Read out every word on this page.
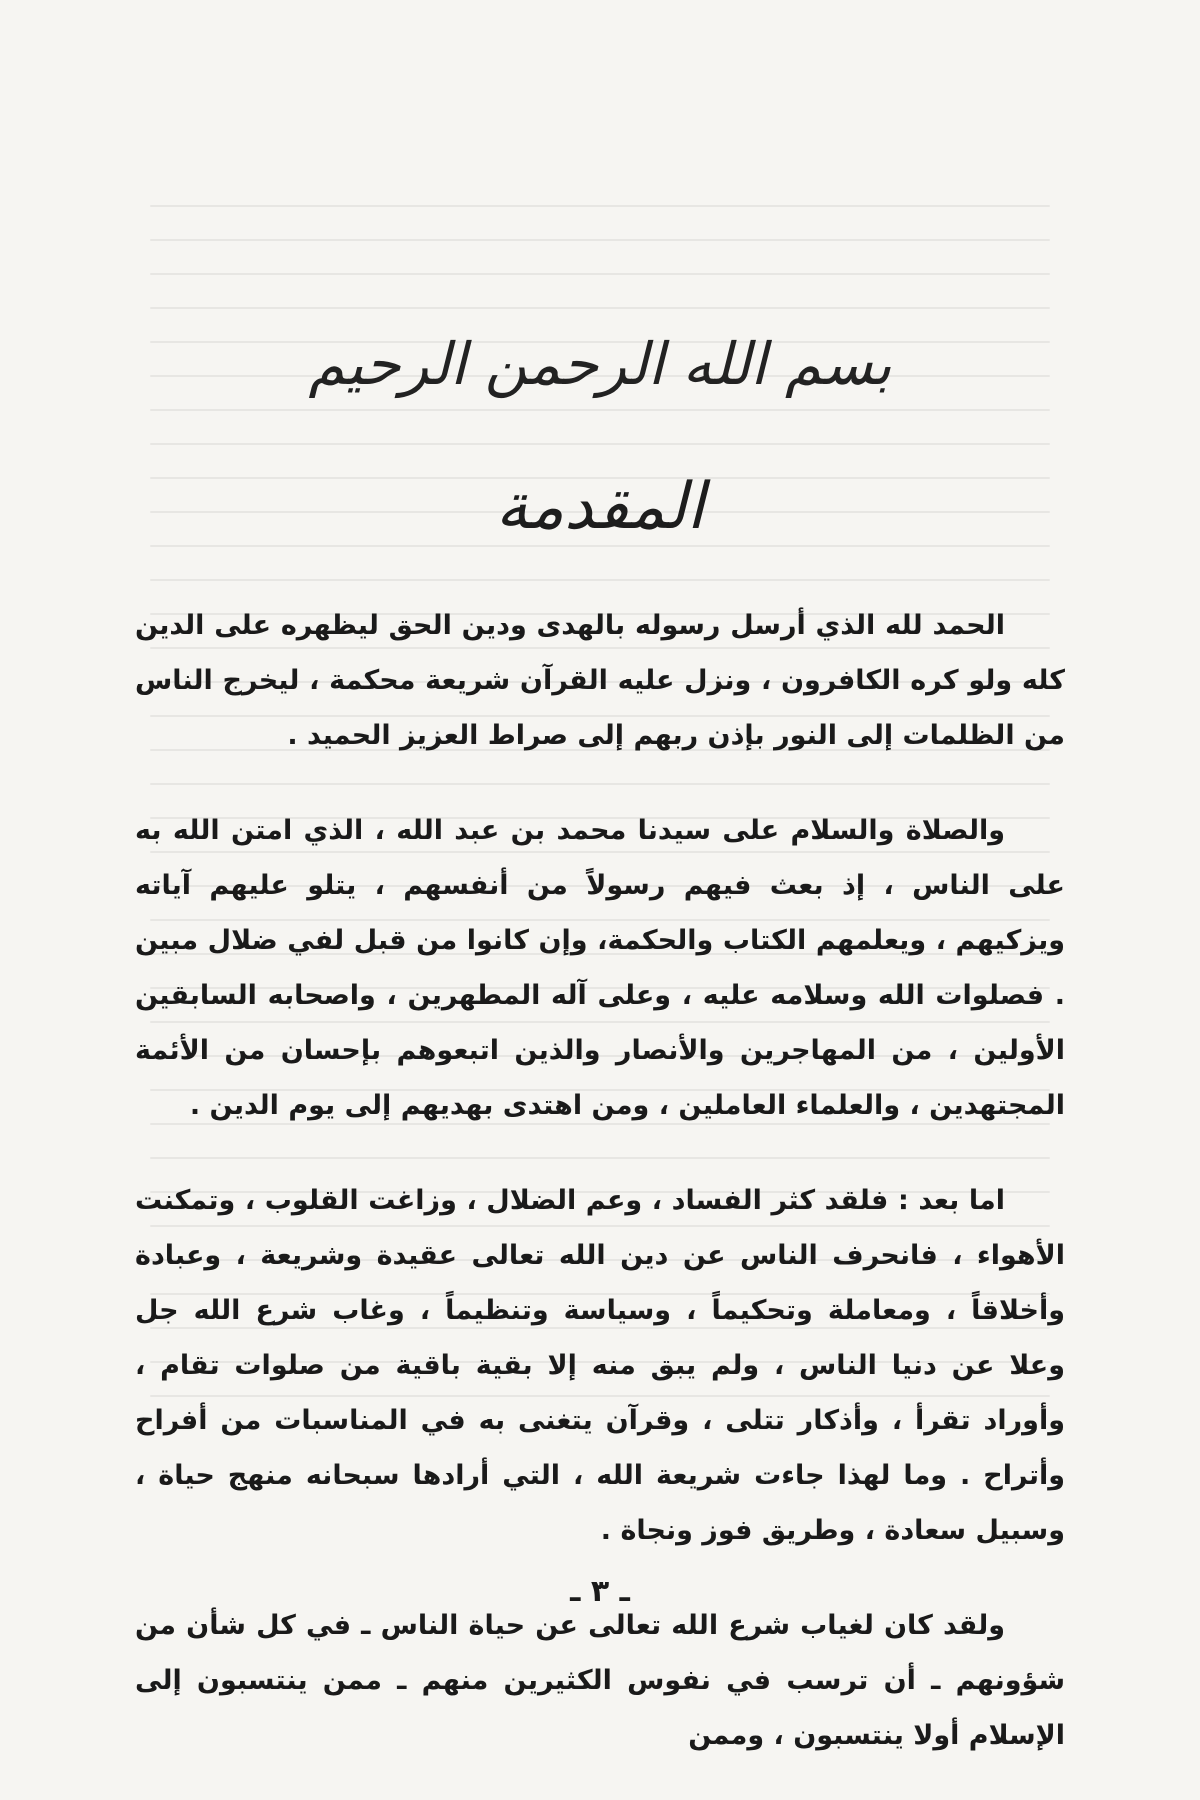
بسم الله الرحمن الرحيم
المقدمة

الحمد لله الذي أرسل رسوله بالهدى ودين الحق ليظهره على الدين كله ولو كره الكافرون ، ونزل عليه القرآن شريعة محكمة ، ليخرج الناس من الظلمات إلى النور بإذن ربهم إلى صراط العزيز الحميد .

والصلاة والسلام على سيدنا محمد بن عبد الله ، الذي امتن الله به على الناس ، إذ بعث فيهم رسولاً من أنفسهم ، يتلو عليهم آياته ويزكيهم ، ويعلمهم الكتاب والحكمة، وإن كانوا من قبل لفي ضلال مبين . فصلوات الله وسلامه عليه ، وعلى آله المطهرين ، واصحابه السابقين الأولين ، من المهاجرين والأنصار والذين اتبعوهم بإحسان من الأئمة المجتهدين ، والعلماء العاملين ، ومن اهتدى بهديهم إلى يوم الدين .

اما بعد : فلقد كثر الفساد ، وعم الضلال ، وزاغت القلوب ، وتمكنت الأهواء ، فانحرف الناس عن دين الله تعالى عقيدة وشريعة ، وعبادة وأخلاقاً ، ومعاملة وتحكيماً ، وسياسة وتنظيماً ، وغاب شرع الله جل وعلا عن دنيا الناس ، ولم يبق منه إلا بقية باقية من صلوات تقام ، وأوراد تقرأ ، وأذكار تتلى ، وقرآن يتغنى به في المناسبات من أفراح وأتراح . وما لهذا جاءت شريعة الله ، التي أرادها سبحانه منهج حياة ، وسبيل سعادة ، وطريق فوز ونجاة .

ولقد كان لغياب شرع الله تعالى عن حياة الناس ـ في كل شأن من شؤونهم ـ أن ترسب في نفوس الكثيرين منهم ـ ممن ينتسبون إلى الإسلام أولا ينتسبون ، وممن

ـ ٣ ـ
